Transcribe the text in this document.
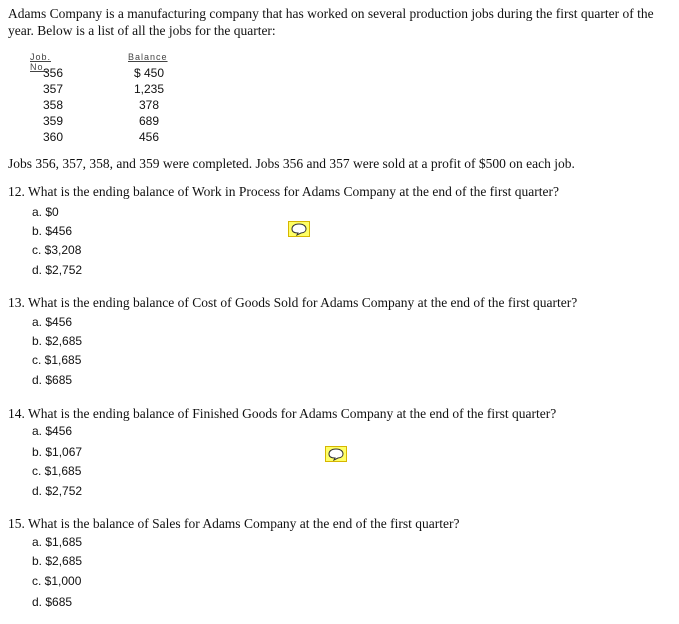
Adams Company is a manufacturing company that has worked on several production jobs during the first quarter of the year. Below is a list of all the jobs for the quarter:
Job. No.
Balance
356	$ 450
357	1,235
358	378
359	689
360	456
Jobs 356, 357, 358, and 359 were completed. Jobs 356 and 357 were sold at a profit of $500 on each job.
12. What is the ending balance of Work in Process for Adams Company at the end of the first quarter?
a. $0
b. $456
c. $3,208
d. $2,752
13. What is the ending balance of Cost of Goods Sold for Adams Company at the end of the first quarter?
a. $456
b. $2,685
c. $1,685
d. $685
14. What is the ending balance of Finished Goods for Adams Company at the end of the first quarter?
a. $456
b. $1,067
c. $1,685
d. $2,752
15. What is the balance of Sales for Adams Company at the end of the first quarter?
a. $1,685
b. $2,685
c. $1,000
d. $685
